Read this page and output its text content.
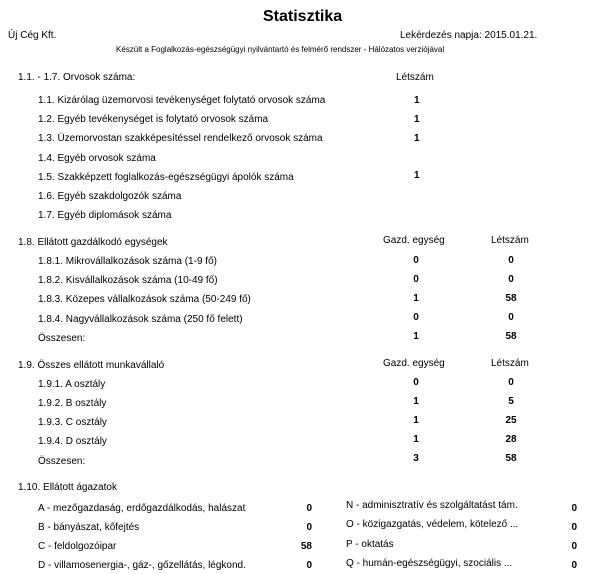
Statisztika
Új Cég Kft.	Lekérdezés napja: 2015.01.21.
Készült a Foglalkozás-egészségügyi nyilvántartó és felmérő rendszer - Hálózatos verziójával
1.1. - 1.7. Orvosok száma:	Létszám
1.1. Kizárólag üzemorvosi tevékenységet folytató orvosok száma	1
1.2. Egyéb tevékenységet is folytató orvosok száma	1
1.3. Üzemorvostan szakképesítéssel rendelkező orvosok száma	1
1.4. Egyéb orvosok száma
1.5. Szakképzett foglalkozás-egészségügyi ápolók száma	1
1.6. Egyéb szakdolgozók száma
1.7. Egyéb diplomások száma
1.8. Ellátott gazdálkodó egységek	Gazd. egység	Létszám
1.8.1. Mikrovállalkozások száma (1-9 fő)	0	0
1.8.2. Kisvállalkozások száma (10-49 fő)	0	0
1.8.3. Közepes vállalkozások száma (50-249 fő)	1	58
1.8.4. Nagyvállalkozások száma (250 fő felett)	0	0
Összesen:	1	58
1.9. Összes ellátott munkavállaló	Gazd. egység	Létszám
1.9.1. A osztály	0	0
1.9.2. B osztály	1	5
1.9.3. C osztály	1	25
1.9.4. D osztály	1	28
Összesen:	3	58
1.10. Ellátott ágazatok
A - mezőgazdaság, erdőgazdálkodás, halászat	0
B - bányászat, kőfejtés	0
C - feldolgozóipar	58
D - villamosenergia-, gáz-, gőzellátás, légkond.	0
N - adminisztratív és szolgáltatást tám.	0
O - közigazgatás, védelem, kötelező ...	0
P - oktatás	0
Q - humán-egészségügyi, szociális ...	0
